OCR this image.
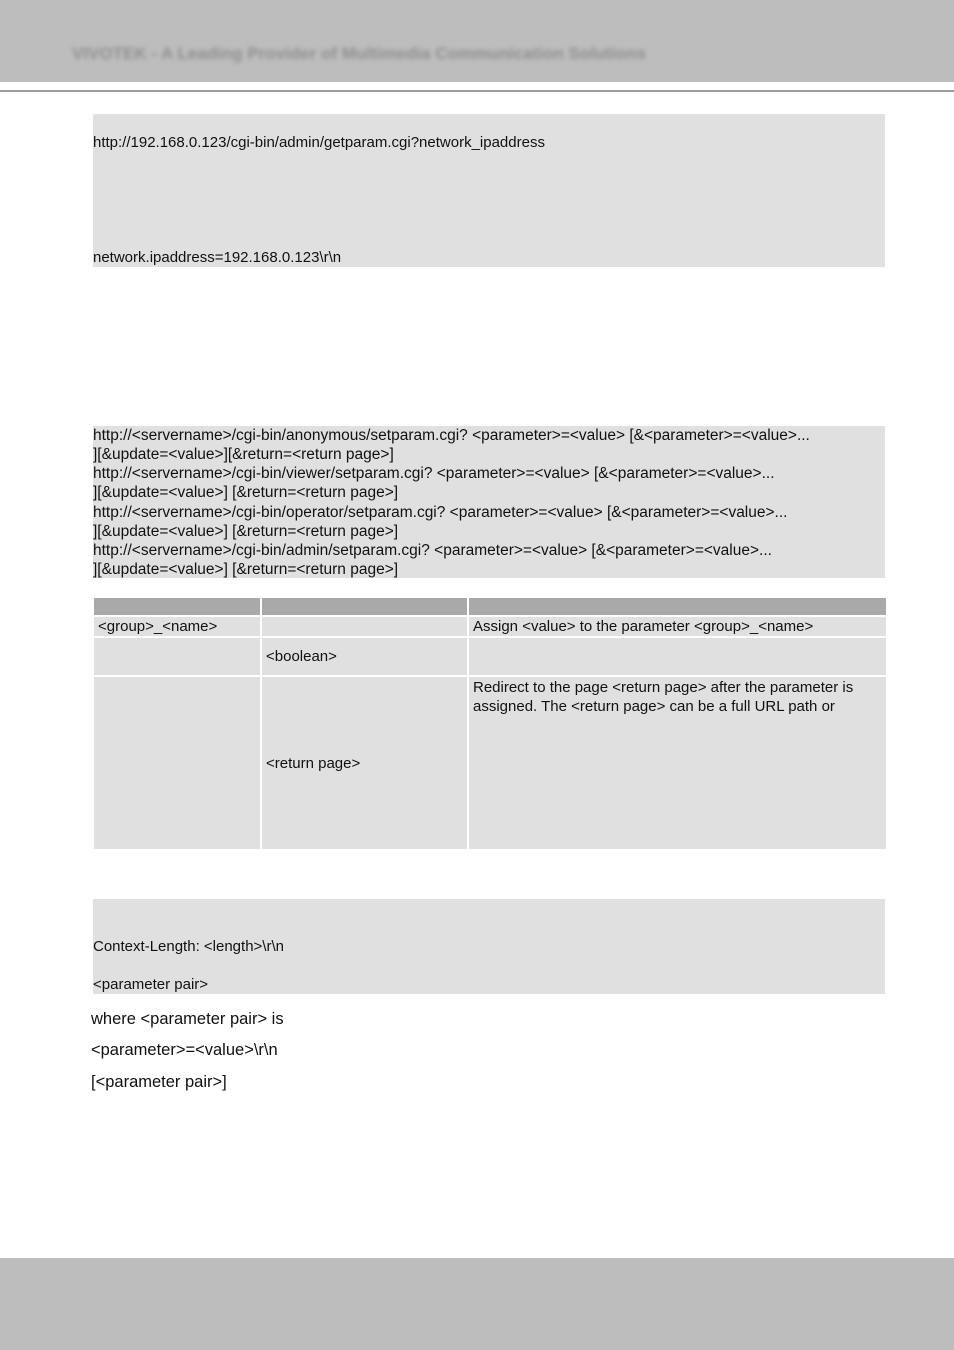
VIVOTEK - A Leading Provider of Multimedia Communication Solutions
http://192.168.0.123/cgi-bin/admin/getparam.cgi?network_ipaddress
network.ipaddress=192.168.0.123\r\n
http://<servername>/cgi-bin/anonymous/setparam.cgi? <parameter>=<value> [&<parameter>=<value>...
][&update=<value>][&return=<return page>]
http://<servername>/cgi-bin/viewer/setparam.cgi? <parameter>=<value> [&<parameter>=<value>...
][&update=<value>] [&return=<return page>]
http://<servername>/cgi-bin/operator/setparam.cgi? <parameter>=<value> [&<parameter>=<value>...
][&update=<value>] [&return=<return page>]
http://<servername>/cgi-bin/admin/setparam.cgi? <parameter>=<value> [&<parameter>=<value>...
][&update=<value>] [&return=<return page>]

<group>_<name>		Assign <value> to the parameter <group>_<name>
	<boolean>	
	<return page>	Redirect to the page <return page> after the parameter is assigned. The <return page> can be a full URL path or
Context-Length: <length>\r\n
<parameter pair>
where <parameter pair> is
<parameter>=<value>\r\n
[<parameter pair>]
